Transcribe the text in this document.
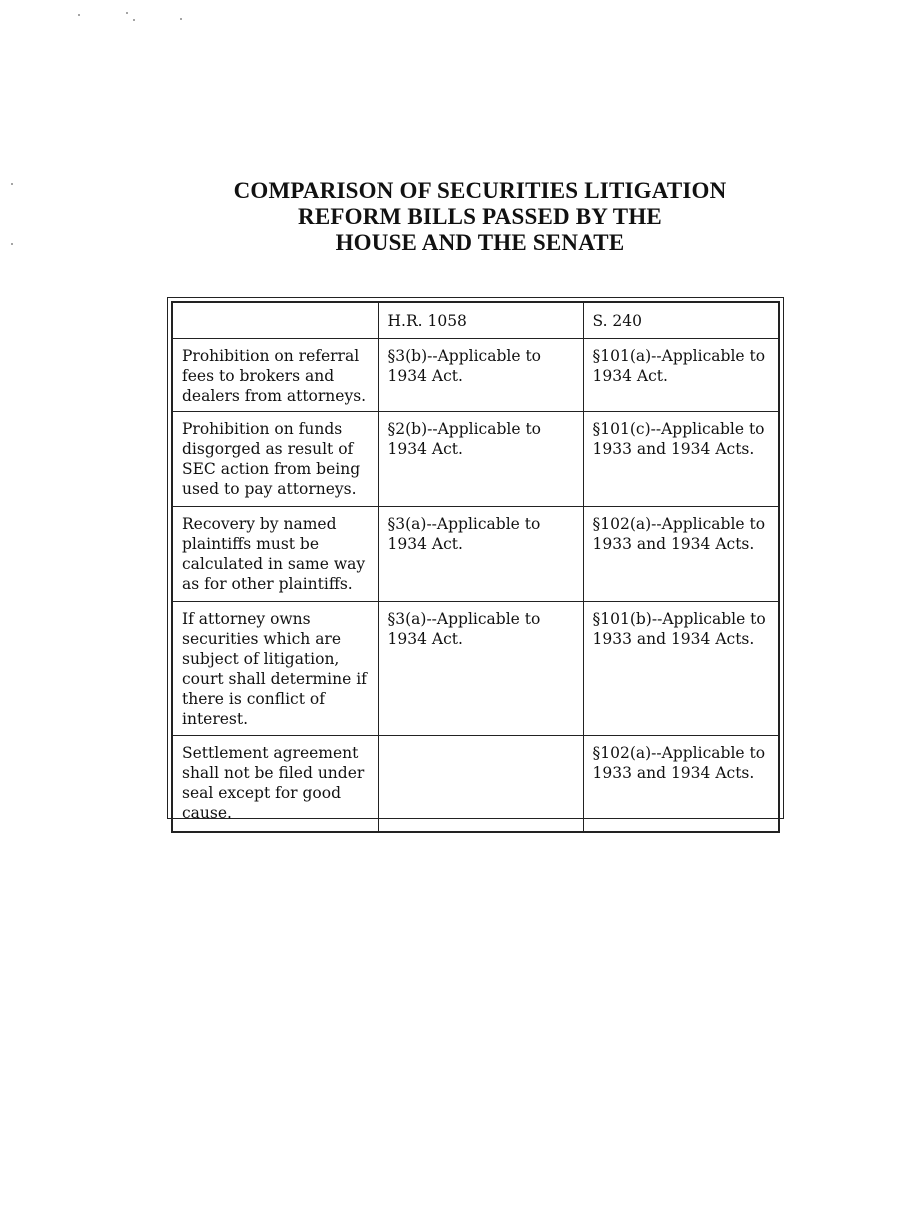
COMPARISON OF SECURITIES LITIGATION
REFORM BILLS PASSED BY THE
HOUSE AND THE SENATE
	H.R. 1058	S. 240
Prohibition on referral fees to brokers and dealers from attorneys.	§3(b)--Applicable to 1934 Act.	§101(a)--Applicable to 1934 Act.
Prohibition on funds disgorged as result of SEC action from being used to pay attorneys.	§2(b)--Applicable to 1934 Act.	§101(c)--Applicable to 1933 and 1934 Acts.
Recovery by named plaintiffs must be calculated in same way as for other plaintiffs.	§3(a)--Applicable to 1934 Act.	§102(a)--Applicable to 1933 and 1934 Acts.
If attorney owns securities which are subject of litigation, court shall determine if there is conflict of interest.	§3(a)--Applicable to 1934 Act.	§101(b)--Applicable to 1933 and 1934 Acts.
Settlement agreement shall not be filed under seal except for good cause.		§102(a)--Applicable to 1933 and 1934 Acts.
